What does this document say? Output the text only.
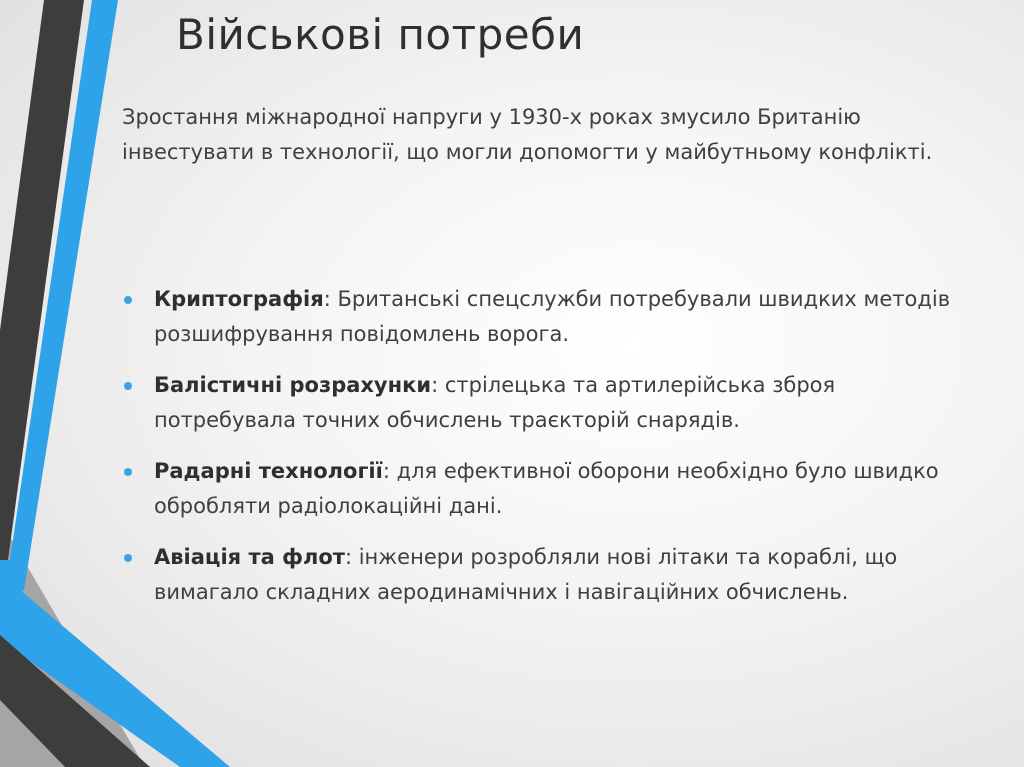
Військові потреби

Зростання міжнародної напруги у 1930-х роках змусило Британію інвестувати в технології, що могли допомогти у майбутньому конфлікті.

Криптографія: Британські спецслужби потребували швидких методів розшифрування повідомлень ворога.
Балістичні розрахунки: стрілецька та артилерійська зброя потребувала точних обчислень траєкторій снарядів.
Радарні технології: для ефективної оборони необхідно було швидко обробляти радіолокаційні дані.
Авіація та флот: інженери розробляли нові літаки та кораблі, що вимагало складних аеродинамічних і навігаційних обчислень.
